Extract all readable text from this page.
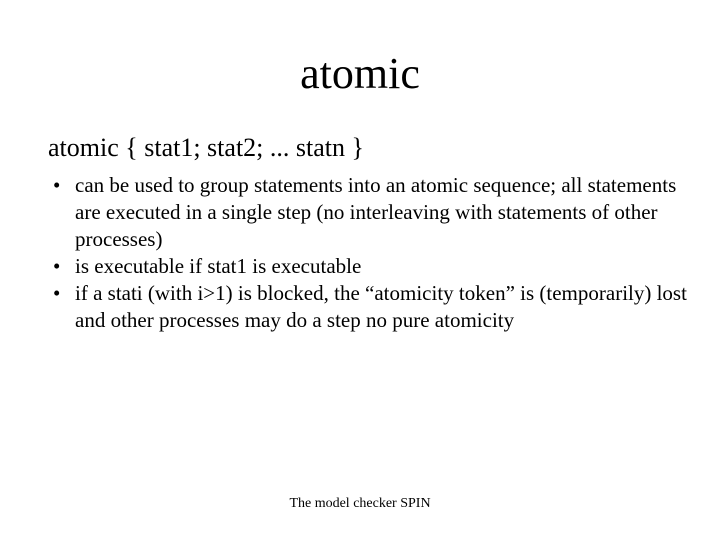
atomic
atomic { stat1; stat2; ... statn }
• can be used to group statements into an atomic sequence; all statements are executed in a single step (no interleaving with statements of other processes)
• is executable if stat1 is executable
• if a stati (with i>1) is blocked, the “atomicity token” is (temporarily) lost and other processes may do a step no pure atomicity
The model checker SPIN
